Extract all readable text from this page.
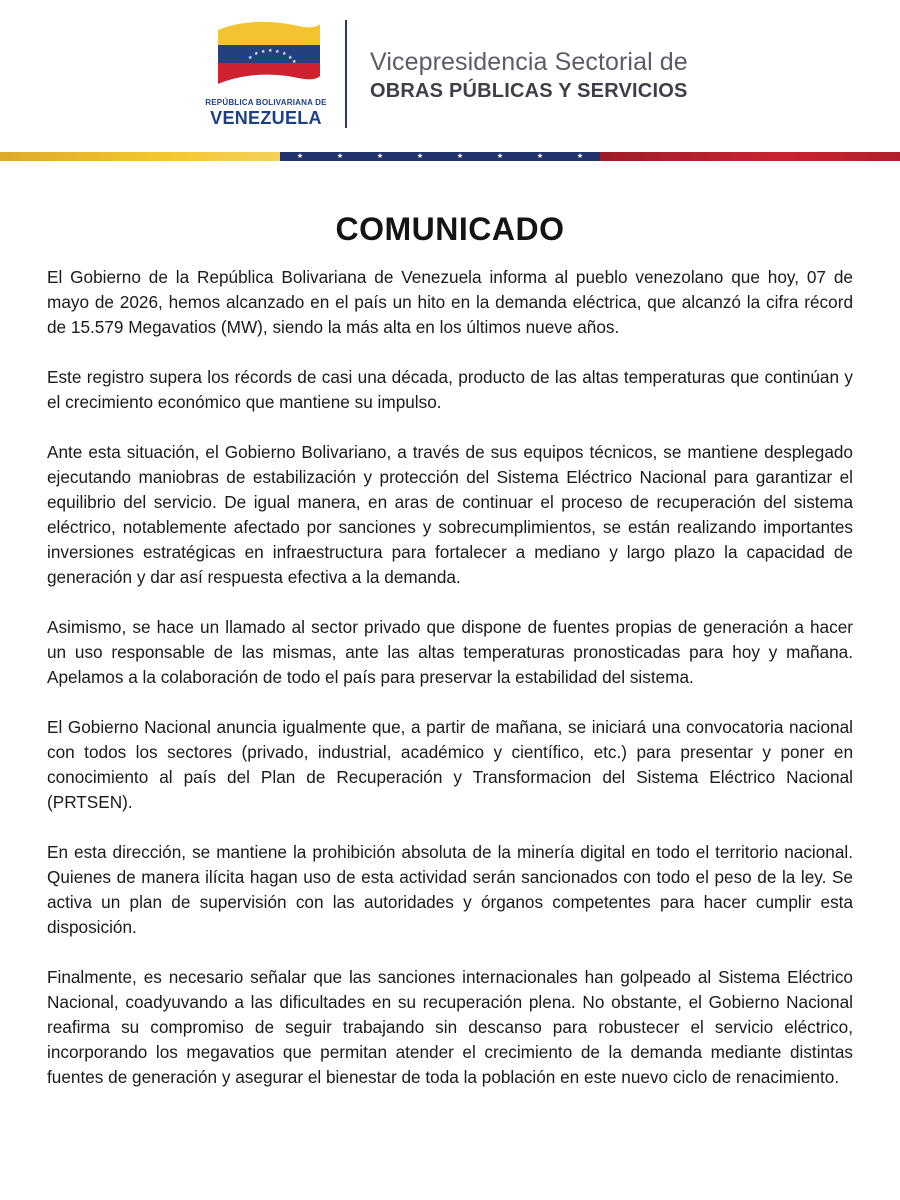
★
★ ★ ★ ★ ★
★
★
REPÚBLICA BOLIVARIANA DE
VENEZUELA
Vicepresidencia Sectorial de
OBRAS PÚBLICAS Y SERVICIOS
★	★	★	★	★	★	★	★
COMUNICADO

El Gobierno de la República Bolivariana de Venezuela informa al pueblo venezolano que hoy, 07 de mayo de 2026, hemos alcanzado en el país un hito en la demanda eléctrica, que alcanzó la cifra récord de 15.579 Megavatios (MW), siendo la más alta en los últimos nueve años.

Este registro supera los récords de casi una década, producto de las altas temperaturas que continúan y el crecimiento económico que mantiene su impulso.

Ante esta situación, el Gobierno Bolivariano, a través de sus equipos técnicos, se mantiene desplegado ejecutando maniobras de estabilización y protección del Sistema Eléctrico Nacional para garantizar el equilibrio del servicio. De igual manera, en aras de continuar el proceso de recuperación del sistema eléctrico, notablemente afectado por sanciones y sobrecumplimientos, se están realizando importantes inversiones estratégicas en infraestructura para fortalecer a mediano y largo plazo la capacidad de generación y dar así respuesta efectiva a la demanda.

Asimismo, se hace un llamado al sector privado que dispone de fuentes propias de generación a hacer un uso responsable de las mismas, ante las altas temperaturas pronosticadas para hoy y mañana. Apelamos a la colaboración de todo el país para preservar la estabilidad del sistema.

El Gobierno Nacional anuncia igualmente que, a partir de mañana, se iniciará una convocatoria nacional con todos los sectores (privado, industrial, académico y científico, etc.) para presentar y poner en conocimiento al país del Plan de Recuperación y Transformacion del Sistema Eléctrico Nacional (PRTSEN).

En esta dirección, se mantiene la prohibición absoluta de la minería digital en todo el territorio nacional. Quienes de manera ilícita hagan uso de esta actividad serán sancionados con todo el peso de la ley. Se activa un plan de supervisión con las autoridades y órganos competentes para hacer cumplir esta disposición.

Finalmente, es necesario señalar que las sanciones internacionales han golpeado al Sistema Eléctrico Nacional, coadyuvando a las dificultades en su recuperación plena. No obstante, el Gobierno Nacional reafirma su compromiso de seguir trabajando sin descanso para robustecer el servicio eléctrico, incorporando los megavatios que permitan atender el crecimiento de la demanda mediante distintas fuentes de generación y asegurar el bienestar de toda la población en este nuevo ciclo de renacimiento.
